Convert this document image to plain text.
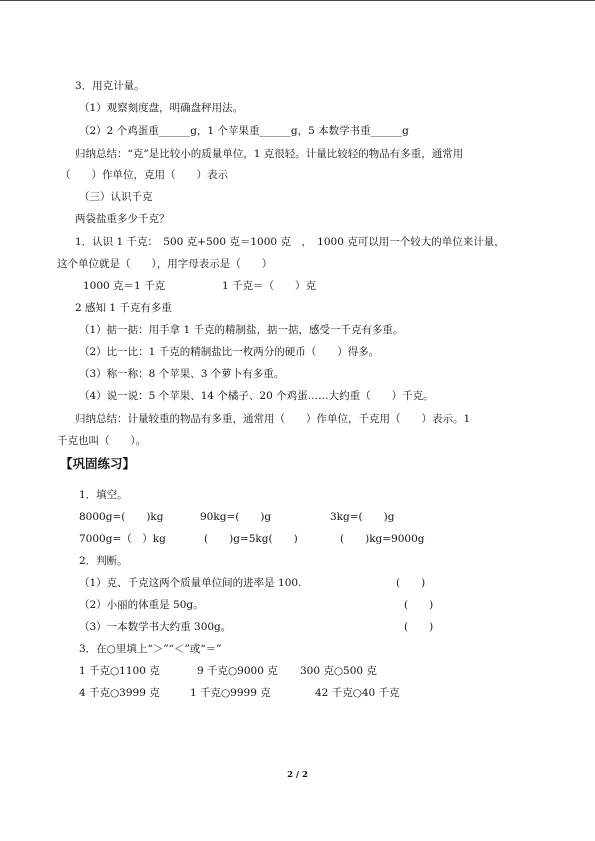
3．用克计量。
（1）观察刻度盘，明确盘秤用法。
（2）2 个鸡蛋重______g，1 个苹果重______g，5 本数学书重______g
归纳总结：“克”是比较小的质量单位，1 克很轻。计量比较轻的物品有多重，通常用
（　　）作单位，克用（　　）表示
（三）认识千克
两袋盐重多少千克？
1．认识 1 千克：　500 克+500 克＝1000 克　，　1000 克可以用一个较大的单位来计量，
这个单位就是（　　），用字母表示是（　　）
1000 克＝1 千克	1 千克＝（　　）克
2 感知 1 千克有多重
（1）掂一掂：用手拿 1 千克的精制盐，掂一掂，感受一千克有多重。
（2）比一比：1 千克的精制盐比一枚两分的硬币（　　）得多。
（3）称一称：8 个苹果、3 个萝卜有多重。
（4）说一说：5 个苹果、14 个橘子、20 个鸡蛋……大约重（　　）千克。
归纳总结：计量较重的物品有多重，通常用（　　）作单位，千克用（　　）表示。1
千克也叫（　　）。
【巩固练习】
1．填空。
8000g=(　　)kg	90kg=(　　)g	3kg=(　　)g
7000g=（　）kg	(　　)g=5kg(　　)	(　　)kg=9000g
2．判断。
（1）克、千克这两个质量单位间的进率是 100.	(　　)
（2）小丽的体重是 50g。	(　　)
（3）一本数学书大约重 300g。	(　　)
3．在○里填上“＞”“＜”或“＝”
1 千克○1100 克	9 千克○9000 克 300 克○500 克
4 千克○3999 克	1 千克○9999 克	42 千克○40 千克
2 / 2
